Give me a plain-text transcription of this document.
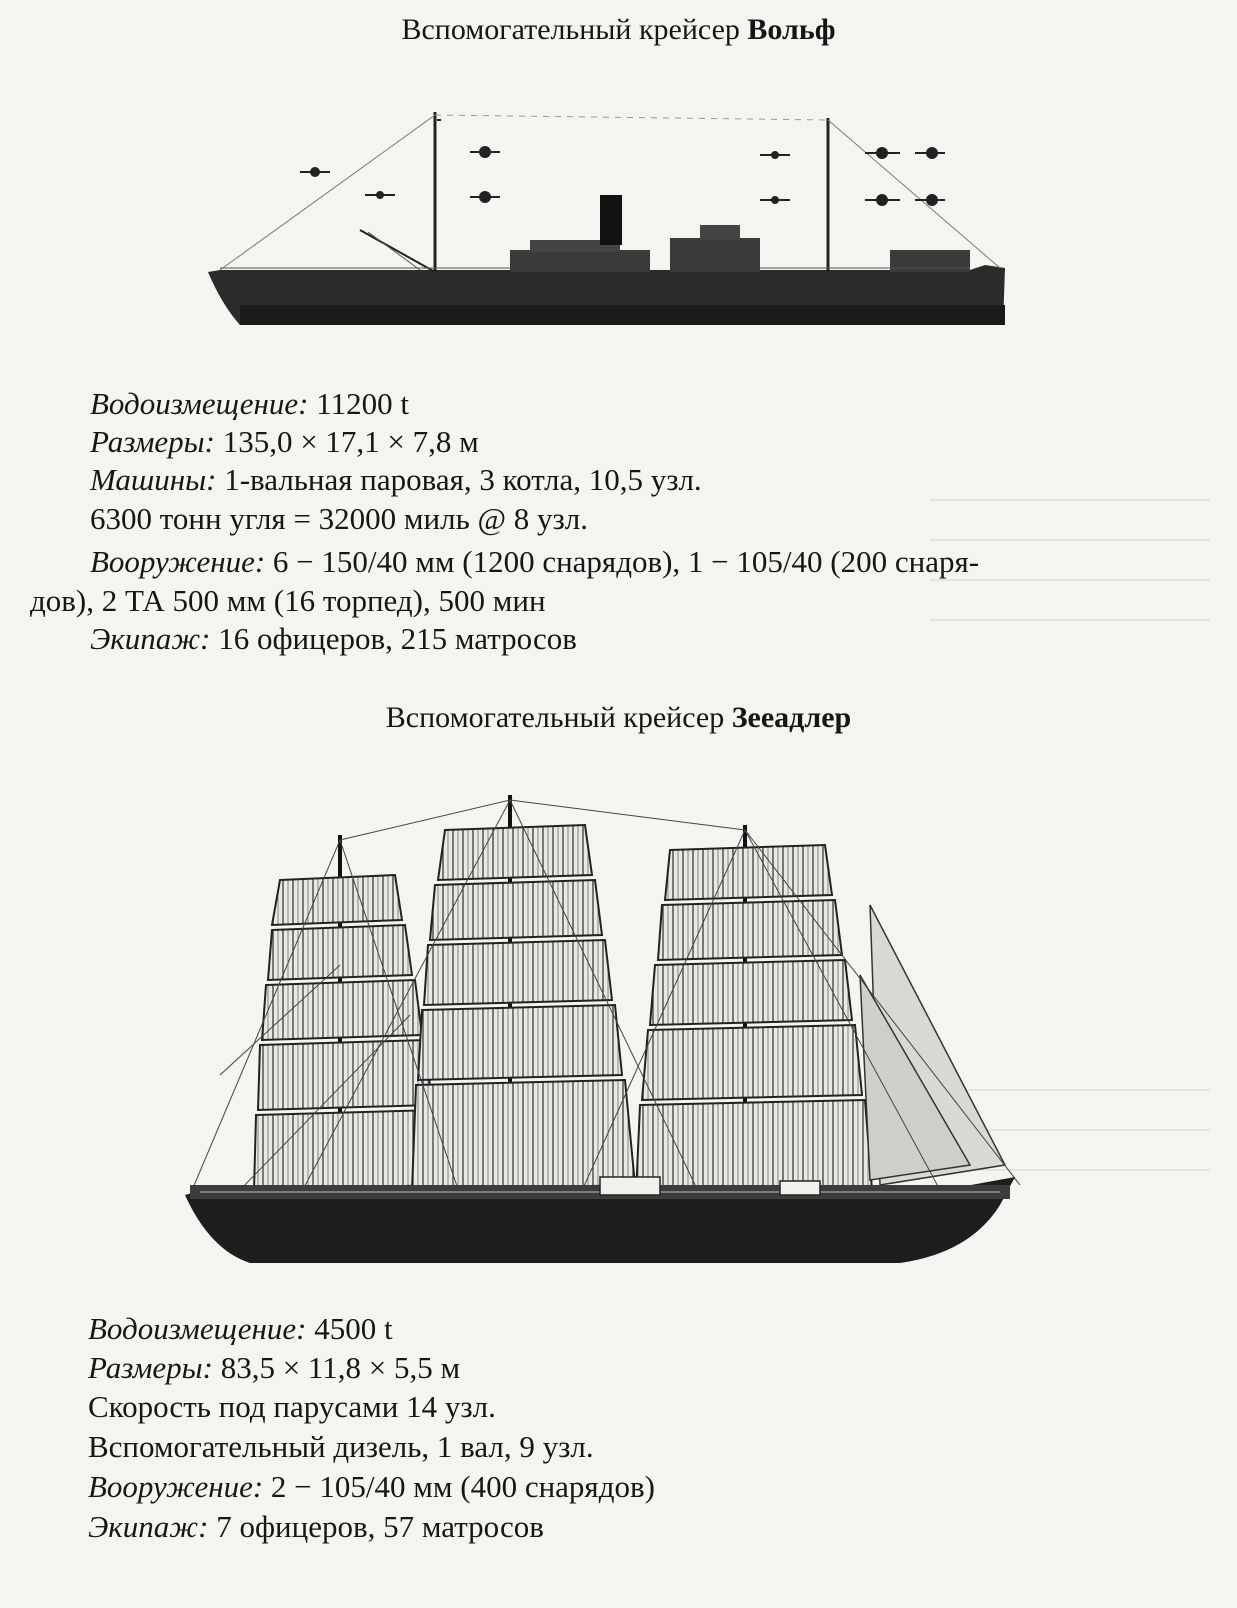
Вспомогательный крейсер Вольф
Водоизмещение: 11200 t
Размеры: 135,0 × 17,1 × 7,8 м
Машины: 1-вальная паровая, 3 котла, 10,5 узл.
6300 тонн угля = 32000 миль @ 8 узл.
Вооружение: 6 − 150/40 мм (1200 снарядов), 1 − 105/40 (200 снаря-
дов), 2 ТА 500 мм (16 торпед), 500 мин
Экипаж: 16 офицеров, 215 матросов
Вспомогательный крейсер Зееадлер
Водоизмещение: 4500 t
Размеры: 83,5 × 11,8 × 5,5 м
Скорость под парусами 14 узл.
Вспомогательный дизель, 1 вал, 9 узл.
Вооружение: 2 − 105/40 мм (400 снарядов)
Экипаж: 7 офицеров, 57 матросов
